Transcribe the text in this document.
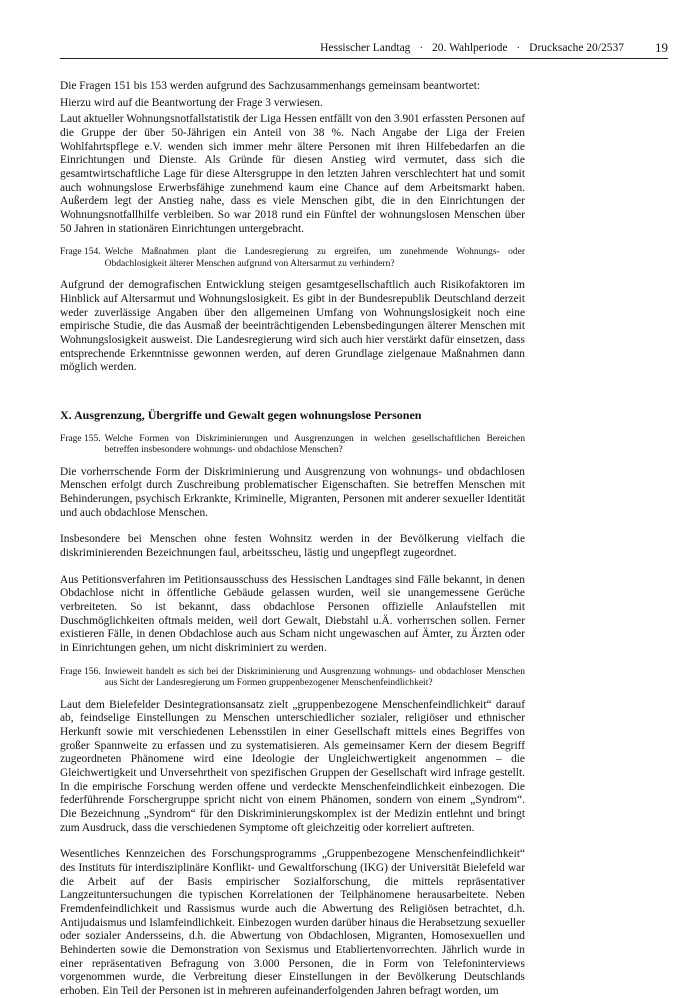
Hessischer Landtag · 20. Wahlperiode · Drucksache 20/2537 19

Die Fragen 151 bis 153 werden aufgrund des Sachzusammenhangs gemeinsam beantwortet:

Hierzu wird auf die Beantwortung der Frage 3 verwiesen.

Laut aktueller Wohnungsnotfallstatistik der Liga Hessen entfällt von den 3.901 erfassten Personen auf die Gruppe der über 50-Jährigen ein Anteil von 38 %. Nach Angabe der Liga der Freien Wohlfahrtspflege e.V. wenden sich immer mehr ältere Personen mit ihren Hilfebedarfen an die Einrichtungen und Dienste. Als Gründe für diesen Anstieg wird vermutet, dass sich die gesamtwirtschaftliche Lage für diese Altersgruppe in den letzten Jahren verschlechtert hat und somit auch wohnungslose Erwerbsfähige zunehmend kaum eine Chance auf dem Arbeitsmarkt haben. Außerdem legt der Anstieg nahe, dass es viele Menschen gibt, die in den Einrichtungen der Wohnungsnotfallhilfe verbleiben. So war 2018 rund ein Fünftel der wohnungslosen Menschen über 50 Jahren in stationären Einrichtungen untergebracht.

Frage 154. Welche Maßnahmen plant die Landesregierung zu ergreifen, um zunehmende Wohnungs- oder Obdachlosigkeit älterer Menschen aufgrund von Altersarmut zu verhindern?

Aufgrund der demografischen Entwicklung steigen gesamtgesellschaftlich auch Risikofaktoren im Hinblick auf Altersarmut und Wohnungslosigkeit. Es gibt in der Bundesrepublik Deutschland derzeit weder zuverlässige Angaben über den allgemeinen Umfang von Wohnungslosigkeit noch eine empirische Studie, die das Ausmaß der beeinträchtigenden Lebensbedingungen älterer Menschen mit Wohnungslosigkeit ausweist. Die Landesregierung wird sich auch hier verstärkt dafür einsetzen, dass entsprechende Erkenntnisse gewonnen werden, auf deren Grundlage zielgenaue Maßnahmen dann möglich werden.

X. Ausgrenzung, Übergriffe und Gewalt gegen wohnungslose Personen
Frage 155. Welche Formen von Diskriminierungen und Ausgrenzungen in welchen gesellschaftlichen Bereichen betreffen insbesondere wohnungs- und obdachlose Menschen?

Die vorherrschende Form der Diskriminierung und Ausgrenzung von wohnungs- und obdachlosen Menschen erfolgt durch Zuschreibung problematischer Eigenschaften. Sie betreffen Menschen mit Behinderungen, psychisch Erkrankte, Kriminelle, Migranten, Personen mit anderer sexueller Identität und auch obdachlose Menschen.

Insbesondere bei Menschen ohne festen Wohnsitz werden in der Bevölkerung vielfach die diskriminierenden Bezeichnungen faul, arbeitsscheu, lästig und ungepflegt zugeordnet.

Aus Petitionsverfahren im Petitionsausschuss des Hessischen Landtages sind Fälle bekannt, in denen Obdachlose nicht in öffentliche Gebäude gelassen wurden, weil sie unangemessene Gerüche verbreiteten. So ist bekannt, dass obdachlose Personen offizielle Anlaufstellen mit Duschmöglichkeiten oftmals meiden, weil dort Gewalt, Diebstahl u.Ä. vorherrschen sollen. Ferner existieren Fälle, in denen Obdachlose auch aus Scham nicht ungewaschen auf Ämter, zu Ärzten oder in Einrichtungen gehen, um nicht diskriminiert zu werden.

Frage 156. Inwieweit handelt es sich bei der Diskriminierung und Ausgrenzung wohnungs- und obdachloser Menschen aus Sicht der Landesregierung um Formen gruppenbezogener Menschenfeindlichkeit?

Laut dem Bielefelder Desintegrationsansatz zielt „gruppenbezogene Menschenfeindlichkeit“ darauf ab, feindselige Einstellungen zu Menschen unterschiedlicher sozialer, religiöser und ethnischer Herkunft sowie mit verschiedenen Lebensstilen in einer Gesellschaft mittels eines Begriffes von großer Spannweite zu erfassen und zu systematisieren. Als gemeinsamer Kern der diesem Begriff zugeordneten Phänomene wird eine Ideologie der Ungleichwertigkeit angenommen – die Gleichwertigkeit und Unversehrtheit von spezifischen Gruppen der Gesellschaft wird infrage gestellt. In die empirische Forschung werden offene und verdeckte Menschenfeindlichkeit einbezogen. Die federführende Forschergruppe spricht nicht von einem Phänomen, sondern von einem „Syndrom“. Die Bezeichnung „Syndrom“ für den Diskriminierungskomplex ist der Medizin entlehnt und bringt zum Ausdruck, dass die verschiedenen Symptome oft gleichzeitig oder korreliert auftreten.

Wesentliches Kennzeichen des Forschungsprogramms „Gruppenbezogene Menschenfeindlichkeit“ des Instituts für interdisziplinäre Konflikt- und Gewaltforschung (IKG) der Universität Bielefeld war die Arbeit auf der Basis empirischer Sozialforschung, die mittels repräsentativer Langzeituntersuchungen die typischen Korrelationen der Teilphänomene herausarbeitete. Neben Fremdenfeindlichkeit und Rassismus wurde auch die Abwertung des Religiösen betrachtet, d.h. Antijudaismus und Islamfeindlichkeit. Einbezogen wurden darüber hinaus die Herabsetzung sexueller oder sozialer Andersseins, d.h. die Abwertung von Obdachlosen, Migranten, Homosexuellen und Behinderten sowie die Demonstration von Sexismus und Etabliertenvorrechten. Jährlich wurde in einer repräsentativen Befragung von 3.000 Personen, die in Form von Telefoninterviews vorgenommen wurde, die Verbreitung dieser Einstellungen in der Bevölkerung Deutschlands erhoben. Ein Teil der Personen ist in mehreren aufeinanderfolgenden Jahren befragt worden, um
